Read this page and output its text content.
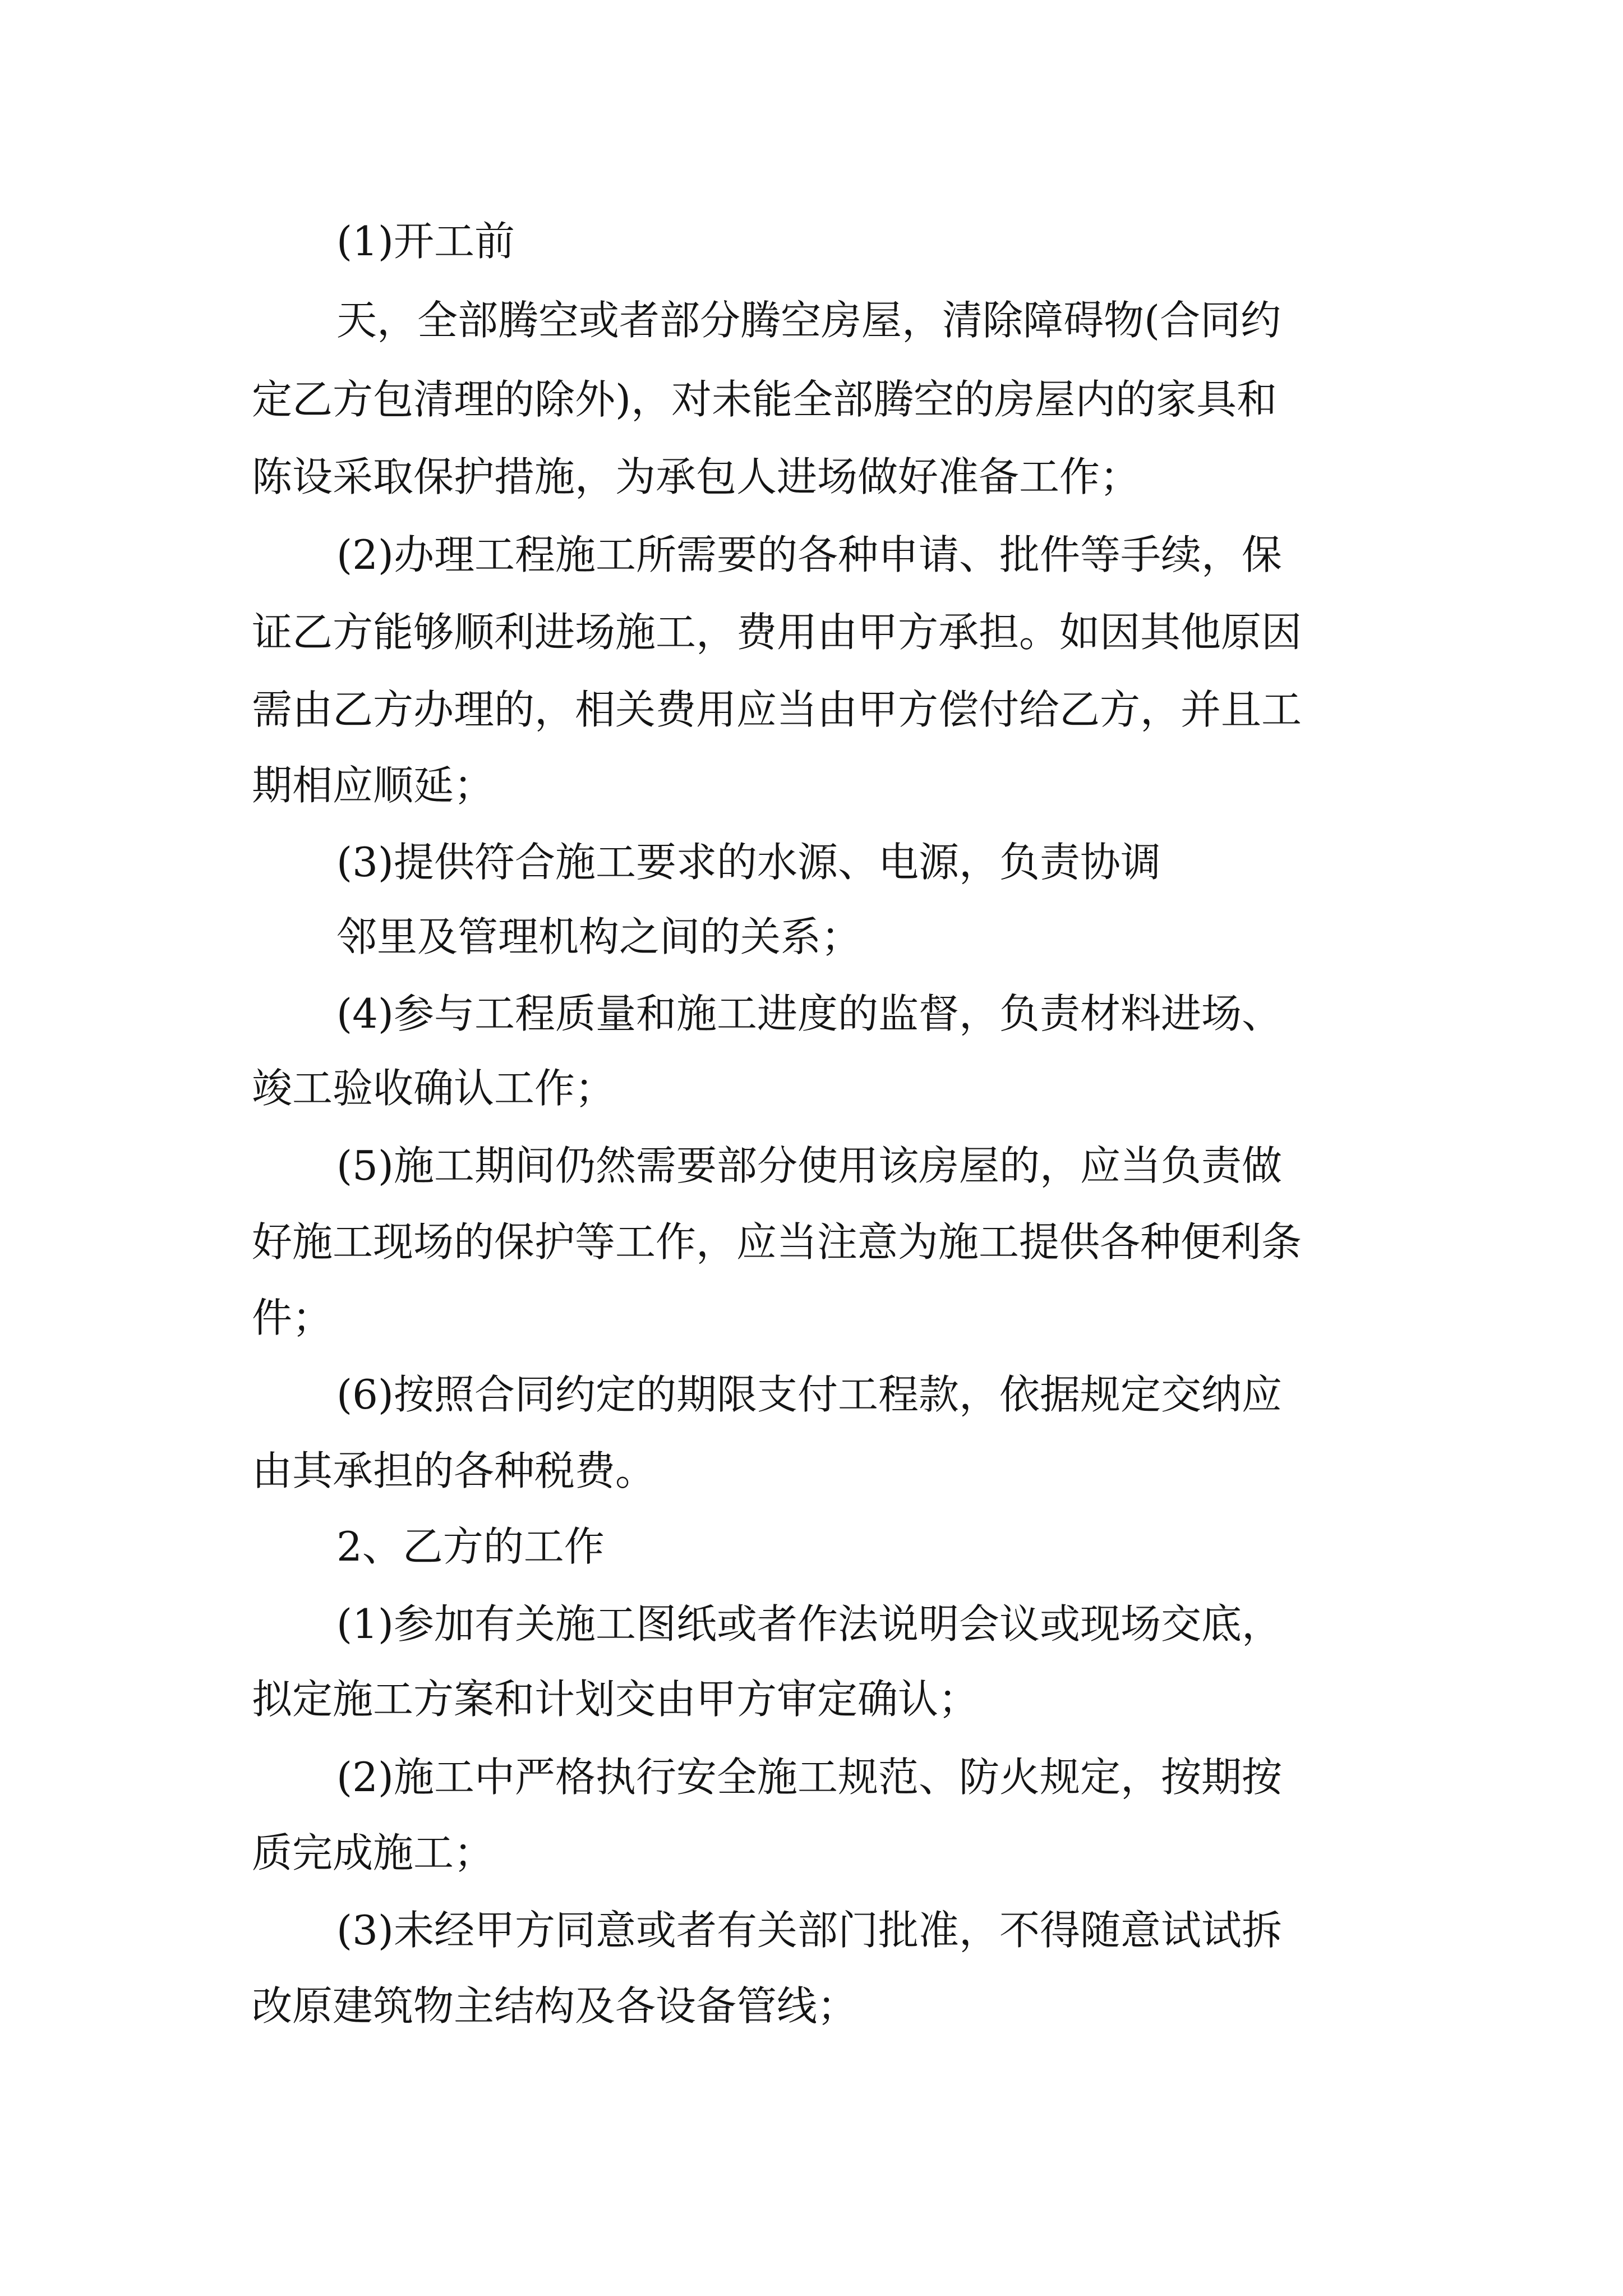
(1)开工前

天，全部腾空或者部分腾空房屋，清除障碍物(合同约

定乙方包清理的除外)，对未能全部腾空的房屋内的家具和

陈设采取保护措施，为承包人进场做好准备工作；

(2)办理工程施工所需要的各种申请、批件等手续，保

证乙方能够顺利进场施工，费用由甲方承担。如因其他原因

需由乙方办理的，相关费用应当由甲方偿付给乙方，并且工

期相应顺延；

(3)提供符合施工要求的水源、电源，负责协调

邻里及管理机构之间的关系；

(4)参与工程质量和施工进度的监督，负责材料进场、

竣工验收确认工作；

(5)施工期间仍然需要部分使用该房屋的，应当负责做

好施工现场的保护等工作，应当注意为施工提供各种便利条

件；

(6)按照合同约定的期限支付工程款，依据规定交纳应

由其承担的各种税费。

2、乙方的工作

(1)参加有关施工图纸或者作法说明会议或现场交底，

拟定施工方案和计划交由甲方审定确认；

(2)施工中严格执行安全施工规范、防火规定，按期按

质完成施工；

(3)未经甲方同意或者有关部门批准，不得随意试试拆

改原建筑物主结构及各设备管线；
